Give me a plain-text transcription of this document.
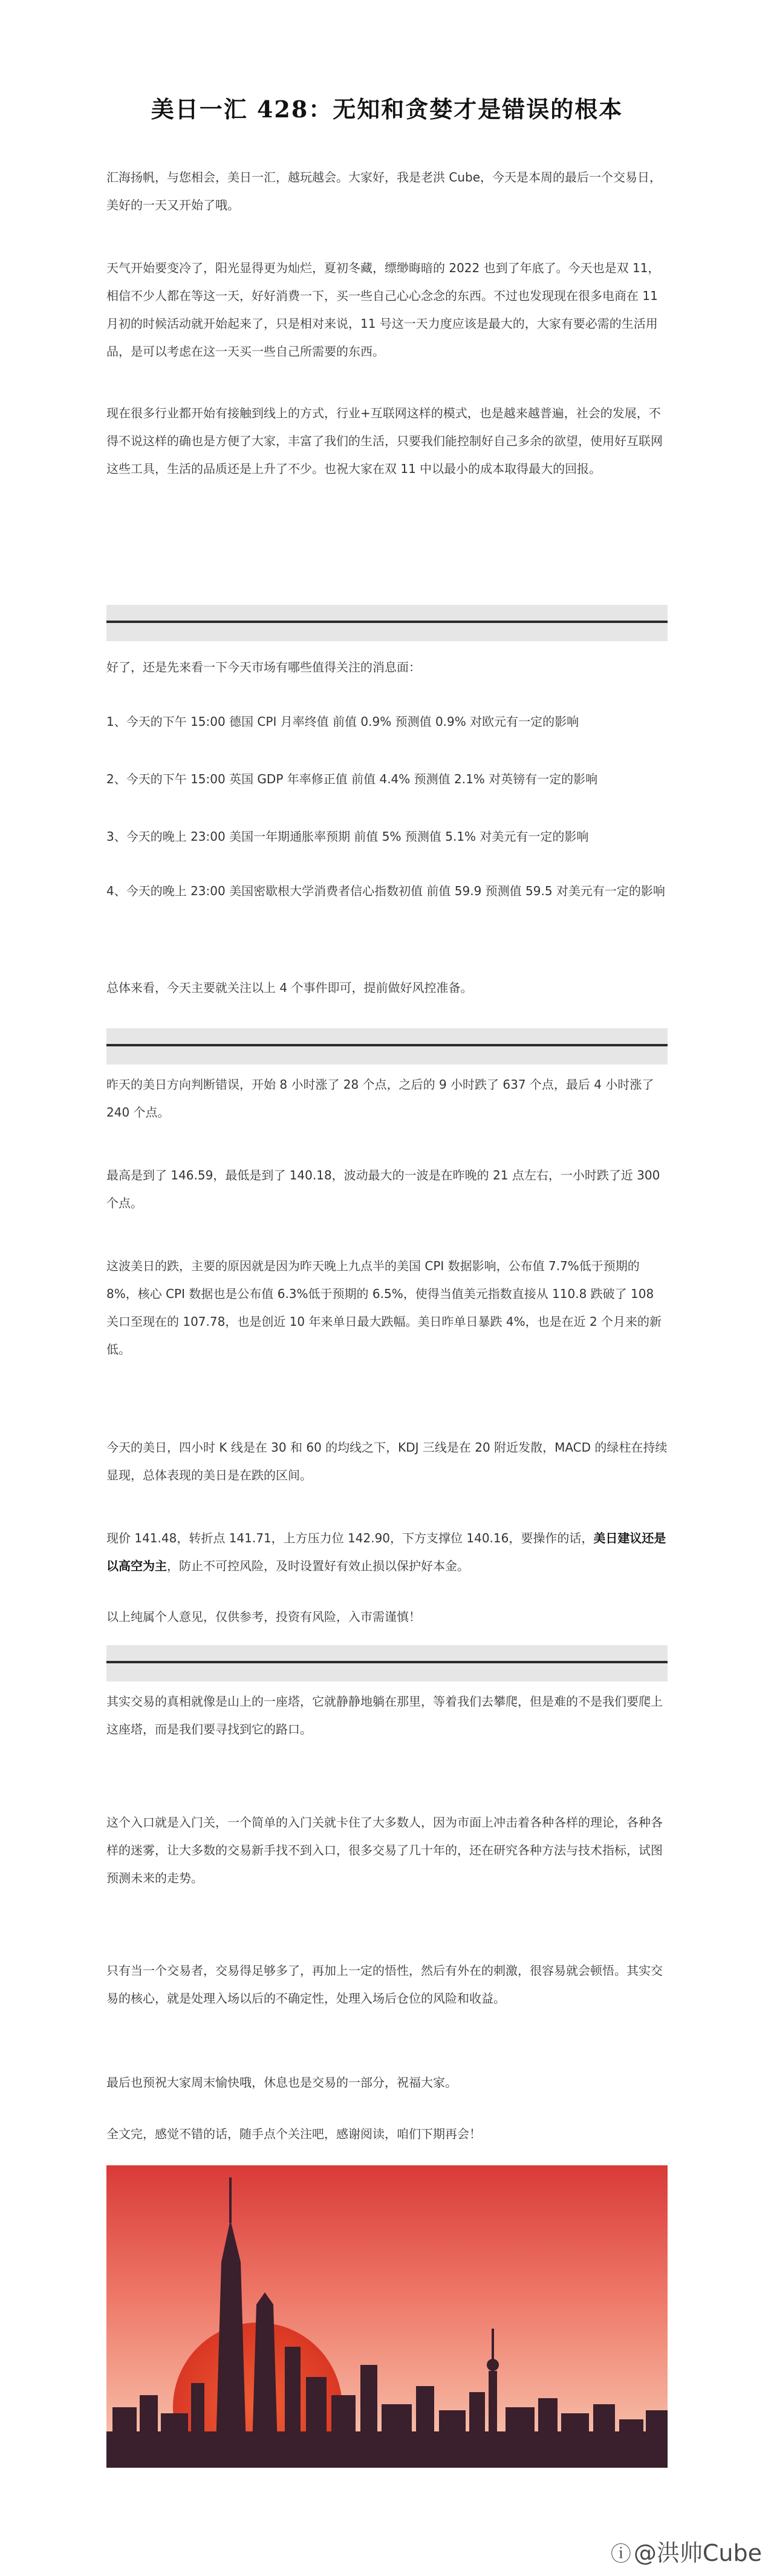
美日一汇 428：无知和贪婪才是错误的根本

汇海扬帆，与您相会，美日一汇，越玩越会。大家好，我是老洪 Cube，今天是本周的最后一个交易日，美好的一天又开始了哦。

天气开始要变冷了，阳光显得更为灿烂，夏初冬藏，缥缈晦暗的 2022 也到了年底了。今天也是双 11，相信不少人都在等这一天，好好消费一下，买一些自己心心念念的东西。不过也发现现在很多电商在 11 月初的时候活动就开始起来了，只是相对来说，11 号这一天力度应该是最大的，大家有要必需的生活用品，是可以考虑在这一天买一些自己所需要的东西。

现在很多行业都开始有接触到线上的方式，行业+互联网这样的模式，也是越来越普遍，社会的发展，不得不说这样的确也是方便了大家，丰富了我们的生活，只要我们能控制好自己多余的欲望，使用好互联网这些工具，生活的品质还是上升了不少。也祝大家在双 11 中以最小的成本取得最大的回报。

好了，还是先来看一下今天市场有哪些值得关注的消息面：

1、今天的下午 15:00 德国 CPI 月率终值 前值 0.9% 预测值 0.9% 对欧元有一定的影响

2、今天的下午 15:00 英国 GDP 年率修正值 前值 4.4% 预测值 2.1% 对英镑有一定的影响

3、今天的晚上 23:00 美国一年期通胀率预期 前值 5% 预测值 5.1% 对美元有一定的影响

4、今天的晚上 23:00 美国密歇根大学消费者信心指数初值 前值 59.9 预测值 59.5 对美元有一定的影响

总体来看，今天主要就关注以上 4 个事件即可，提前做好风控准备。

昨天的美日方向判断错误，开始 8 小时涨了 28 个点，之后的 9 小时跌了 637 个点，最后 4 小时涨了 240 个点。

最高是到了 146.59，最低是到了 140.18，波动最大的一波是在昨晚的 21 点左右，一小时跌了近 300 个点。

这波美日的跌，主要的原因就是因为昨天晚上九点半的美国 CPI 数据影响，公布值 7.7%低于预期的 8%，核心 CPI 数据也是公布值 6.3%低于预期的 6.5%，使得当值美元指数直接从 110.8 跌破了 108 关口至现在的 107.78，也是创近 10 年来单日最大跌幅。美日昨单日暴跌 4%，也是在近 2 个月来的新低。

今天的美日，四小时 K 线是在 30 和 60 的均线之下，KDJ 三线是在 20 附近发散，MACD 的绿柱在持续显现，总体表现的美日是在跌的区间。

现价 141.48，转折点 141.71，上方压力位 142.90，下方支撑位 140.16，要操作的话，美日建议还是以高空为主，防止不可控风险，及时设置好有效止损以保护好本金。

以上纯属个人意见，仅供参考，投资有风险，入市需谨慎！

其实交易的真相就像是山上的一座塔，它就静静地躺在那里，等着我们去攀爬，但是难的不是我们要爬上这座塔，而是我们要寻找到它的路口。

这个入口就是入门关，一个简单的入门关就卡住了大多数人，因为市面上冲击着各种各样的理论，各种各样的迷雾，让大多数的交易新手找不到入口，很多交易了几十年的，还在研究各种方法与技术指标，试图预测未来的走势。

只有当一个交易者，交易得足够多了，再加上一定的悟性，然后有外在的刺激，很容易就会顿悟。其实交易的核心，就是处理入场以后的不确定性，处理入场后仓位的风险和收益。

最后也预祝大家周末愉快哦，休息也是交易的一部分，祝福大家。

全文完，感觉不错的话，随手点个关注吧，感谢阅读，咱们下期再会！

ⓘ @洪帅Cube
